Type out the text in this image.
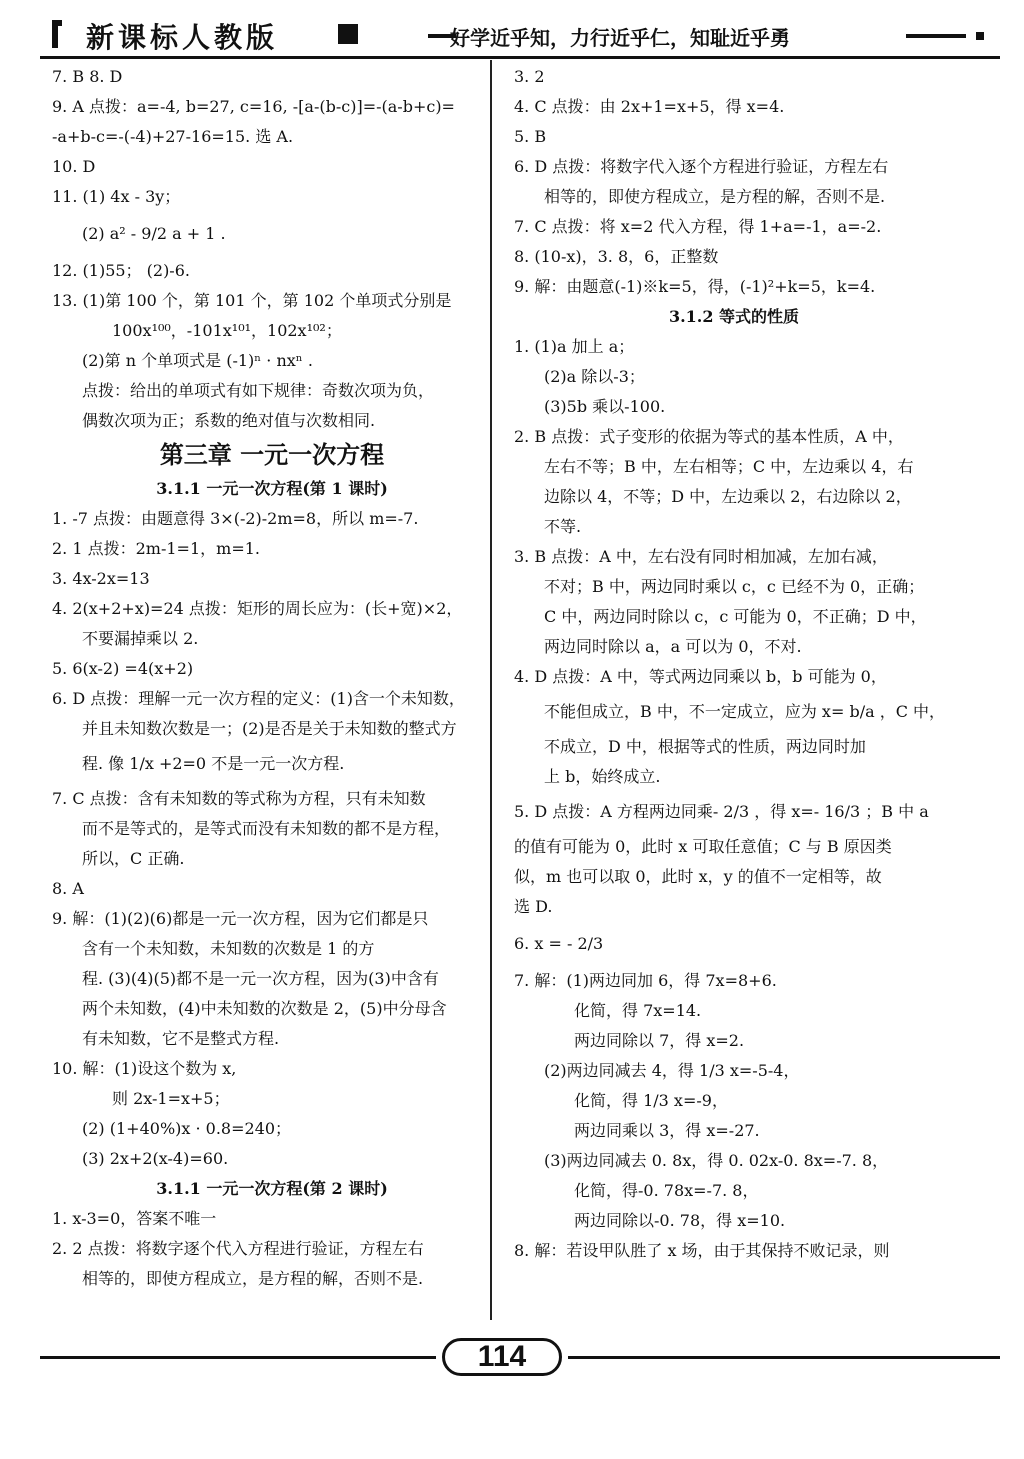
新课标人教版	好学近乎知，力行近乎仁，知耻近乎勇
7. B 8. D
9. A 点拨：a=-4, b=27, c=16, -[a-(b-c)]=-(a-b+c)=
-a+b-c=-(-4)+27-16=15. 选 A.
10. D
11. (1) 4x - 3y；
(2) a² - 9/2 a + 1 .
12. (1)55； (2)-6.
13. (1)第 100 个，第 101 个，第 102 个单项式分别是
100x¹⁰⁰，-101x¹⁰¹，102x¹⁰²；
(2)第 n 个单项式是 (-1)ⁿ · nxⁿ .
点拨：给出的单项式有如下规律：奇数次项为负，
偶数次项为正；系数的绝对值与次数相同.
第三章 一元一次方程
3.1.1 一元一次方程(第 1 课时)
1. -7 点拨：由题意得 3×(-2)-2m=8，所以 m=-7.
2. 1 点拨：2m-1=1，m=1.
3. 4x-2x=13
4. 2(x+2+x)=24 点拨：矩形的周长应为：(长+宽)×2，
不要漏掉乘以 2.
5. 6(x-2) =4(x+2)
6. D 点拨：理解一元一次方程的定义：(1)含一个未知数，
并且未知数次数是一；(2)是否是关于未知数的整式方
程. 像 1/x +2=0 不是一元一次方程.
7. C 点拨：含有未知数的等式称为方程，只有未知数
而不是等式的，是等式而没有未知数的都不是方程，
所以，C 正确.
8. A
9. 解：(1)(2)(6)都是一元一次方程，因为它们都是只
含有一个未知数，未知数的次数是 1 的方
程. (3)(4)(5)都不是一元一次方程，因为(3)中含有
两个未知数，(4)中未知数的次数是 2，(5)中分母含
有未知数，它不是整式方程.
10. 解：(1)设这个数为 x,
则 2x-1=x+5；
(2) (1+40%)x · 0.8=240；
(3) 2x+2(x-4)=60.
3.1.1 一元一次方程(第 2 课时)
1. x-3=0，答案不唯一
2. 2 点拨：将数字逐个代入方程进行验证，方程左右
相等的，即使方程成立，是方程的解，否则不是.
3. 2
4. C 点拨：由 2x+1=x+5，得 x=4.
5. B
6. D 点拨：将数字代入逐个方程进行验证，方程左右
相等的，即使方程成立，是方程的解，否则不是.
7. C 点拨：将 x=2 代入方程，得 1+a=-1，a=-2.
8. (10-x)，3. 8，6，正整数
9. 解：由题意(-1)※k=5，得，(-1)²+k=5，k=4.
3.1.2 等式的性质
1. (1)a 加上 a；
(2)a 除以-3；
(3)5b 乘以-100.
2. B 点拨：式子变形的依据为等式的基本性质，A 中，
左右不等；B 中，左右相等；C 中，左边乘以 4，右
边除以 4，不等；D 中，左边乘以 2，右边除以 2，
不等.
3. B 点拨：A 中，左右没有同时相加减，左加右减，
不对；B 中，两边同时乘以 c，c 已经不为 0，正确；
C 中，两边同时除以 c，c 可能为 0，不正确；D 中，
两边同时除以 a，a 可以为 0，不对.
4. D 点拨：A 中，等式两边同乘以 b，b 可能为 0，
不能但成立，B 中，不一定成立，应为 x= b/a ，C 中，
不成立，D 中，根据等式的性质，两边同时加
上 b，始终成立.
5. D 点拨：A 方程两边同乘- 2/3 ，得 x=- 16/3 ；B 中 a
的值有可能为 0，此时 x 可取任意值；C 与 B 原因类
似，m 也可以取 0，此时 x，y 的值不一定相等，故
选 D.
6. x = - 2/3
7. 解：(1)两边同加 6，得 7x=8+6.
化简，得 7x=14.
两边同除以 7，得 x=2.
(2)两边同减去 4，得 1/3 x=-5-4，
化简，得 1/3 x=-9，
两边同乘以 3，得 x=-27.
(3)两边同减去 0. 8x，得 0. 02x-0. 8x=-7. 8，
化简，得-0. 78x=-7. 8，
两边同除以-0. 78，得 x=10.
8. 解：若设甲队胜了 x 场，由于其保持不败记录，则
114
